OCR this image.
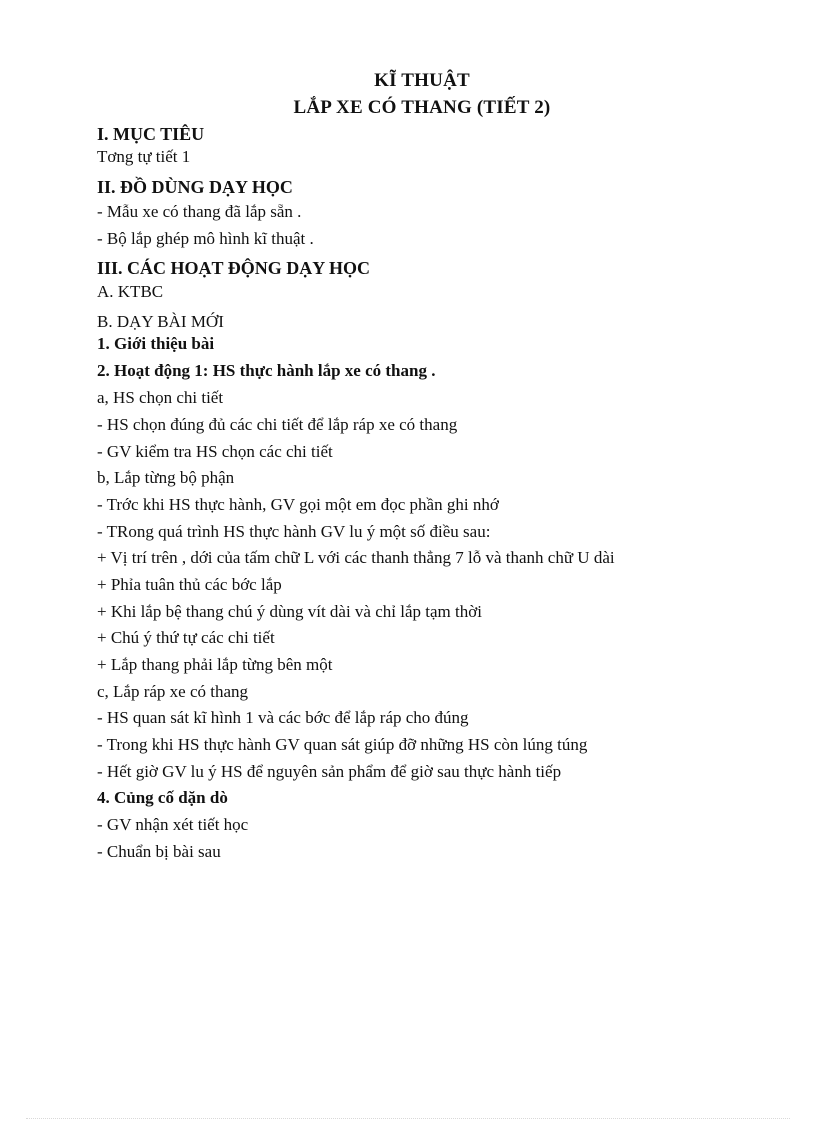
KĨ THUẬT
LẮP XE CÓ THANG (TIẾT 2)
I. MỤC TIÊU
Tơng tự tiết 1
II. ĐỒ DÙNG DẠY HỌC
- Mẫu xe có thang đã lắp sẵn .
- Bộ lắp ghép mô hình kĩ thuật .
III. CÁC HOẠT ĐỘNG DẠY HỌC
A. KTBC
B. DẠY BÀI MỚI
1. Giới thiệu bài
2. Hoạt động 1: HS thực hành lắp xe có thang .
a, HS chọn chi tiết
- HS chọn đúng đủ các chi tiết để lắp ráp xe có thang
- GV kiểm tra HS chọn các chi tiết
b, Lắp từng bộ phận
- Trớc khi HS thực hành, GV gọi một em đọc phần ghi nhớ
- TRong quá trình HS thực hành GV lu ý một số điều sau:
+ Vị trí trên , dới của tấm chữ L với các thanh thẳng 7 lỗ và thanh chữ U dài
+ Phỉa tuân thủ các bớc lắp
+ Khi lắp bệ thang chú ý dùng vít dài và chỉ lắp tạm thời
+ Chú ý thứ tự các chi tiết
+ Lắp thang phải lắp từng bên một
c, Lắp ráp xe có thang
- HS quan sát kĩ hình 1 và các bớc để lắp ráp cho đúng
- Trong khi HS thực hành GV quan sát giúp đỡ những HS còn lúng túng
- Hết giờ GV lu ý HS để nguyên sản phẩm để giờ sau thực hành tiếp
4. Củng cố dặn dò
- GV nhận xét tiết học
- Chuẩn bị bài sau
